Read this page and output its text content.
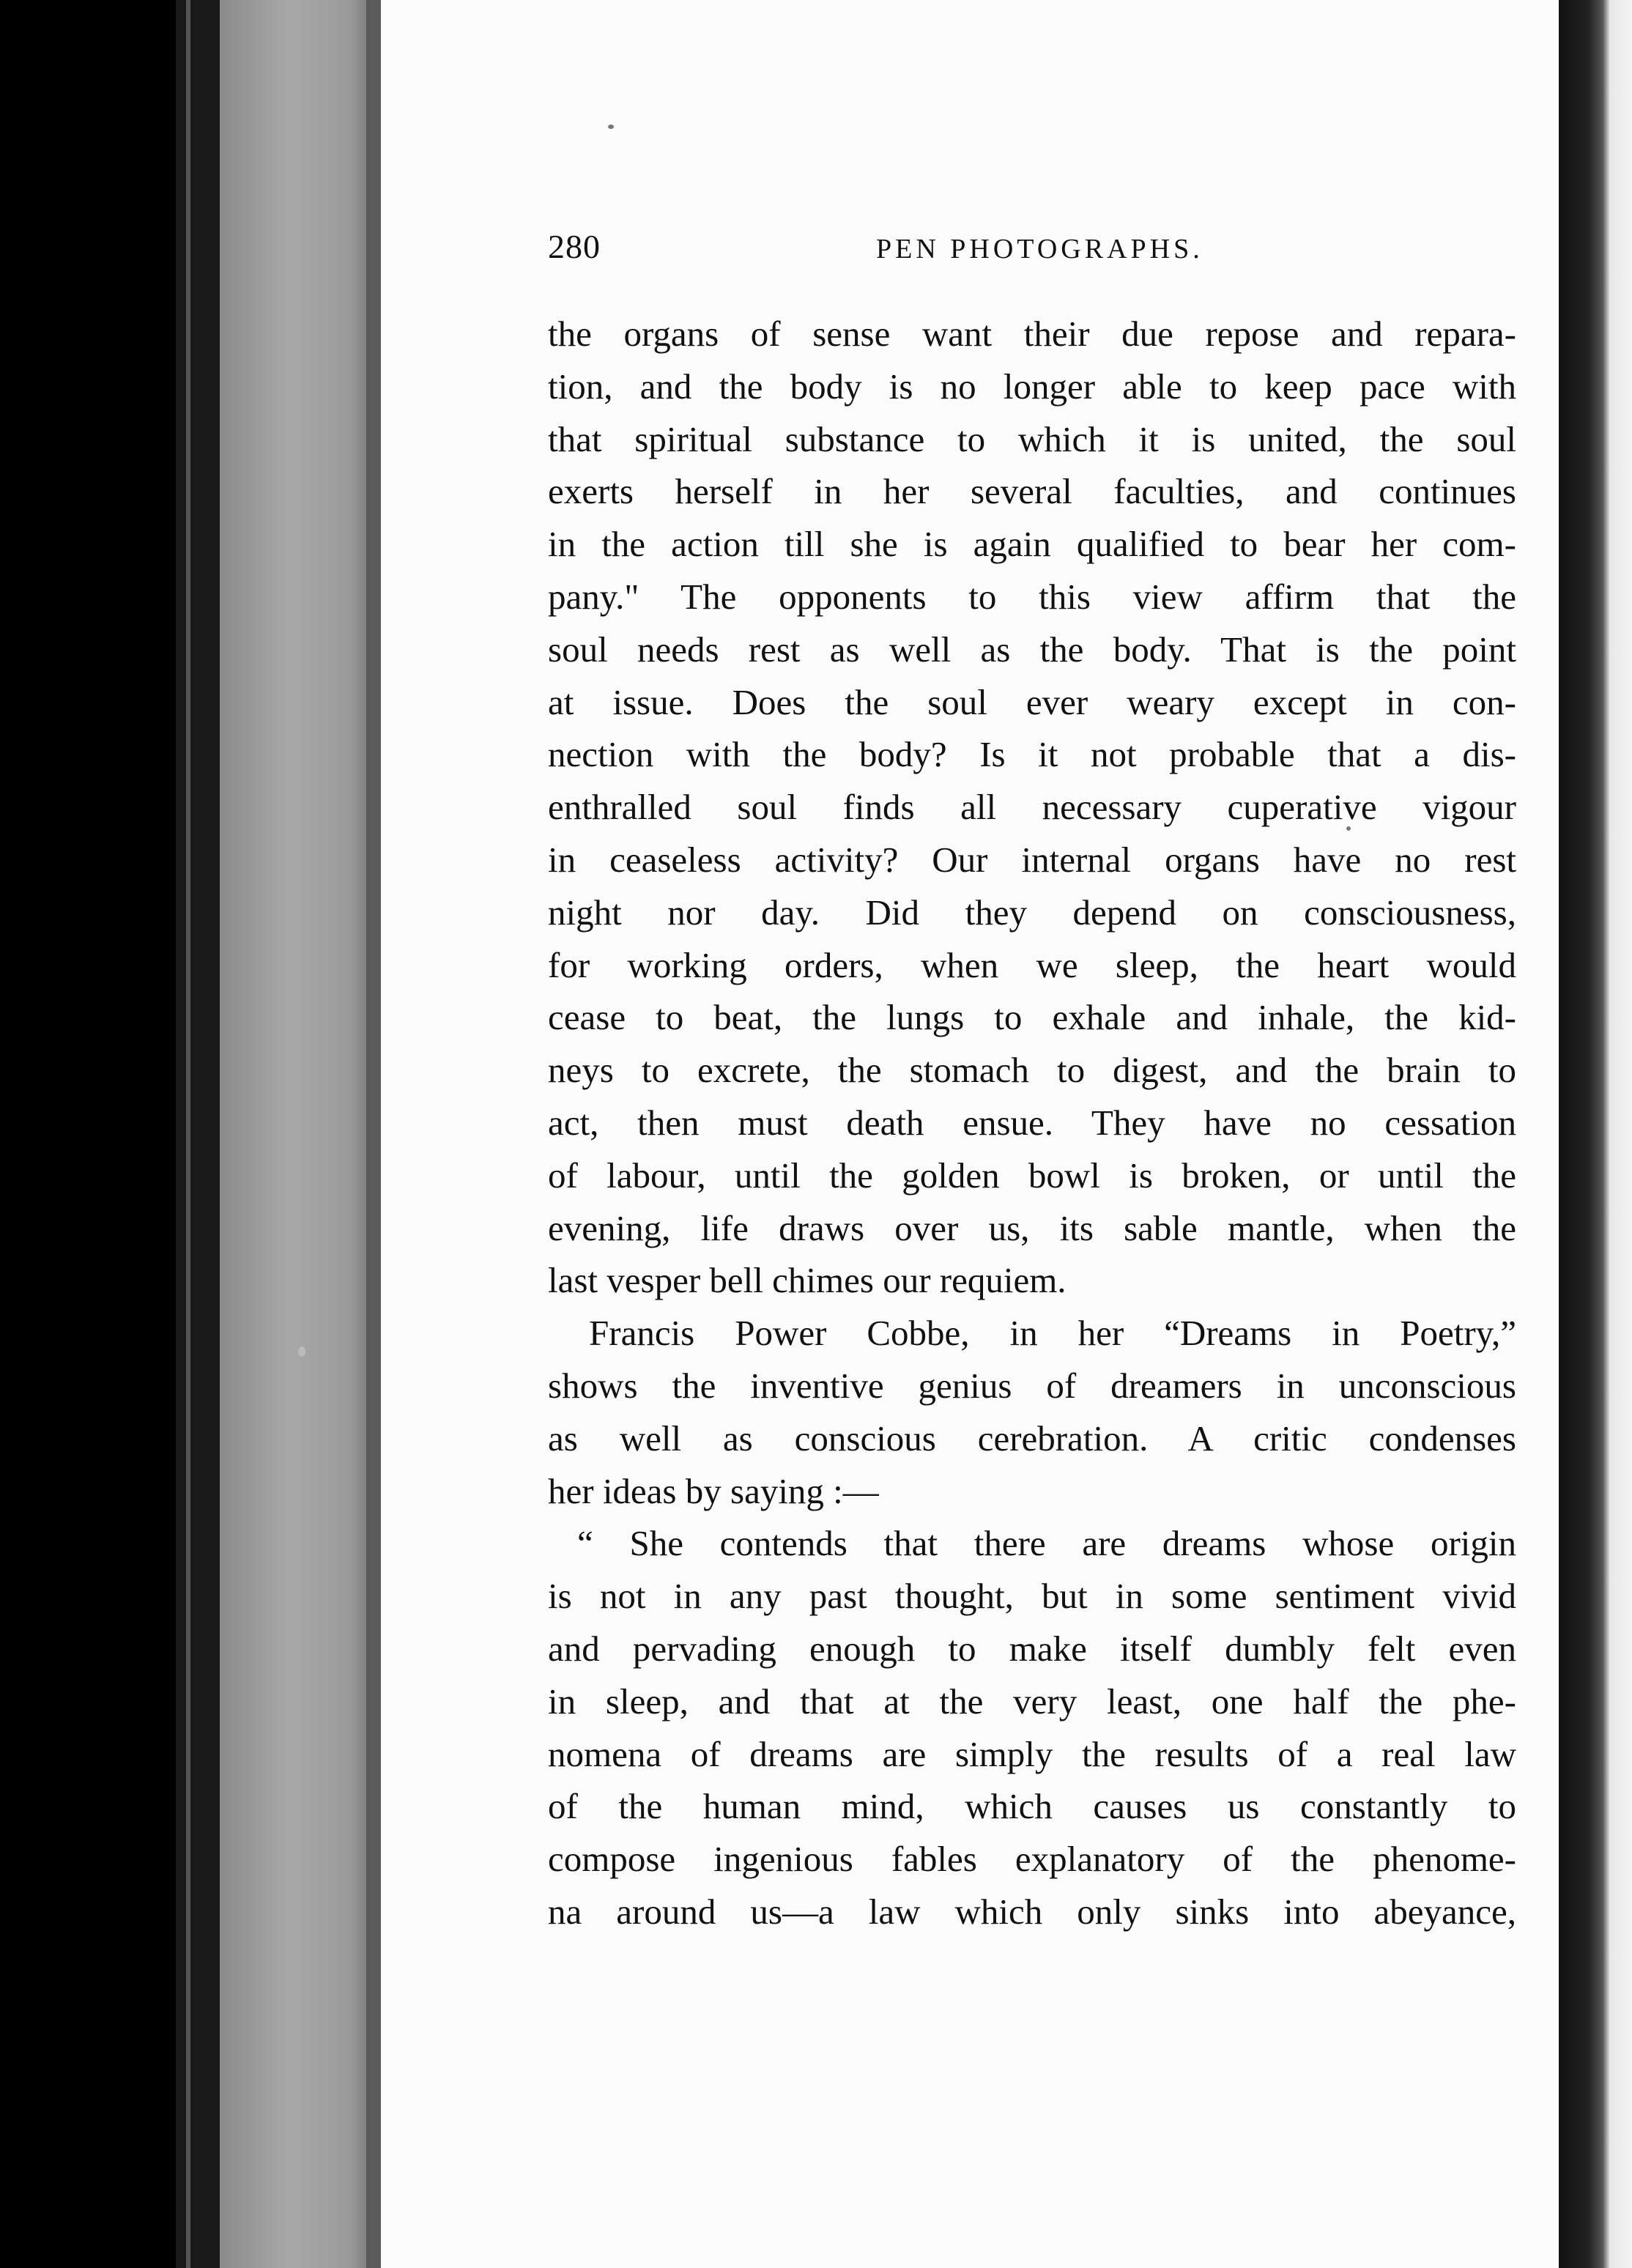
280	PEN PHOTOGRAPHS.
the organs of sense want their due repose and repara-
tion, and the body is no longer able to keep pace with
that spiritual substance to which it is united, the soul
exerts herself in her several faculties, and continues
in the action till she is again qualified to bear her com-
pany." The opponents to this view affirm that the
soul needs rest as well as the body. That is the point
at issue. Does the soul ever weary except in con-
nection with the body? Is it not probable that a dis-
enthralled soul finds all necessary cuperative vigour
in ceaseless activity? Our internal organs have no rest
night nor day. Did they depend on consciousness,
for working orders, when we sleep, the heart would
cease to beat, the lungs to exhale and inhale, the kid-
neys to excrete, the stomach to digest, and the brain to
act, then must death ensue. They have no cessation
of labour, until the golden bowl is broken, or until the
evening, life draws over us, its sable mantle, when the
last vesper bell chimes our requiem.
Francis Power Cobbe, in her “Dreams in Poetry,”
shows the inventive genius of dreamers in unconscious
as well as conscious cerebration. A critic condenses
her ideas by saying :—
“ She contends that there are dreams whose origin
is not in any past thought, but in some sentiment vivid
and pervading enough to make itself dumbly felt even
in sleep, and that at the very least, one half the phe-
nomena of dreams are simply the results of a real law
of the human mind, which causes us constantly to
compose ingenious fables explanatory of the phenome-
na around us—a law which only sinks into abeyance,
